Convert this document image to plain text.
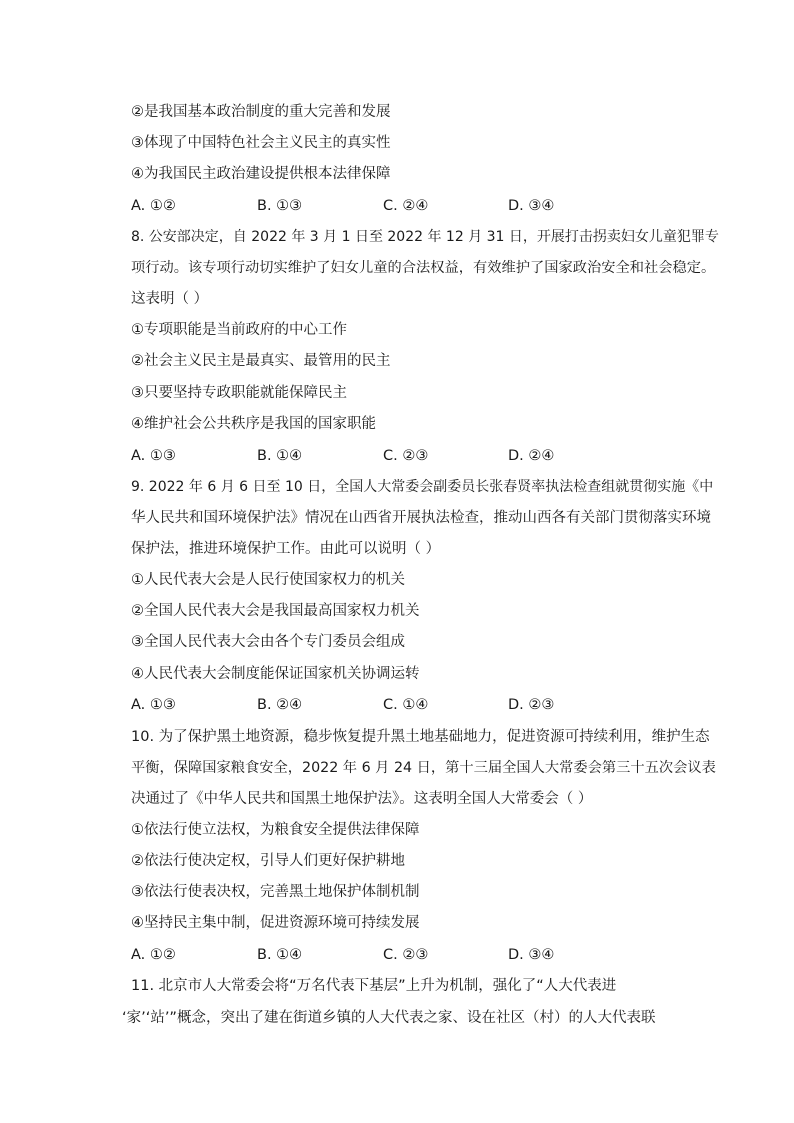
②是我国基本政治制度的重大完善和发展
③体现了中国特色社会主义民主的真实性
④为我国民主政治建设提供根本法律保障
A. ①②	B. ①③	C. ②④	D. ③④
8. 公安部决定，自 2022 年 3 月 1 日至 2022 年 12 月 31 日，开展打击拐卖妇女儿童犯罪专
项行动。该专项行动切实维护了妇女儿童的合法权益，有效维护了国家政治安全和社会稳定。
这表明（ ）
①专项职能是当前政府的中心工作
②社会主义民主是最真实、最管用的民主
③只要坚持专政职能就能保障民主
④维护社会公共秩序是我国的国家职能
A. ①③	B. ①④	C. ②③	D. ②④
9. 2022 年 6 月 6 日至 10 日，全国人大常委会副委员长张春贤率执法检查组就贯彻实施《中
华人民共和国环境保护法》情况在山西省开展执法检查，推动山西各有关部门贯彻落实环境
保护法，推进环境保护工作。由此可以说明（ ）
①人民代表大会是人民行使国家权力的机关
②全国人民代表大会是我国最高国家权力机关
③全国人民代表大会由各个专门委员会组成
④人民代表大会制度能保证国家机关协调运转
A. ①③	B. ②④	C. ①④	D. ②③
10. 为了保护黑土地资源，稳步恢复提升黑土地基础地力，促进资源可持续利用，维护生态
平衡，保障国家粮食安全，2022 年 6 月 24 日，第十三届全国人大常委会第三十五次会议表
决通过了《中华人民共和国黑土地保护法》。这表明全国人大常委会（ ）
①依法行使立法权，为粮食安全提供法律保障
②依法行使决定权，引导人们更好保护耕地
③依法行使表决权，完善黑土地保护体制机制
④坚持民主集中制，促进资源环境可持续发展
A. ①②	B. ①④	C. ②③	D. ③④
11. 北京市人大常委会将“万名代表下基层”上升为机制，强化了“人大代表进
‘家’‘站’”概念，突出了建在街道乡镇的人大代表之家、设在社区（村）的人大代表联
